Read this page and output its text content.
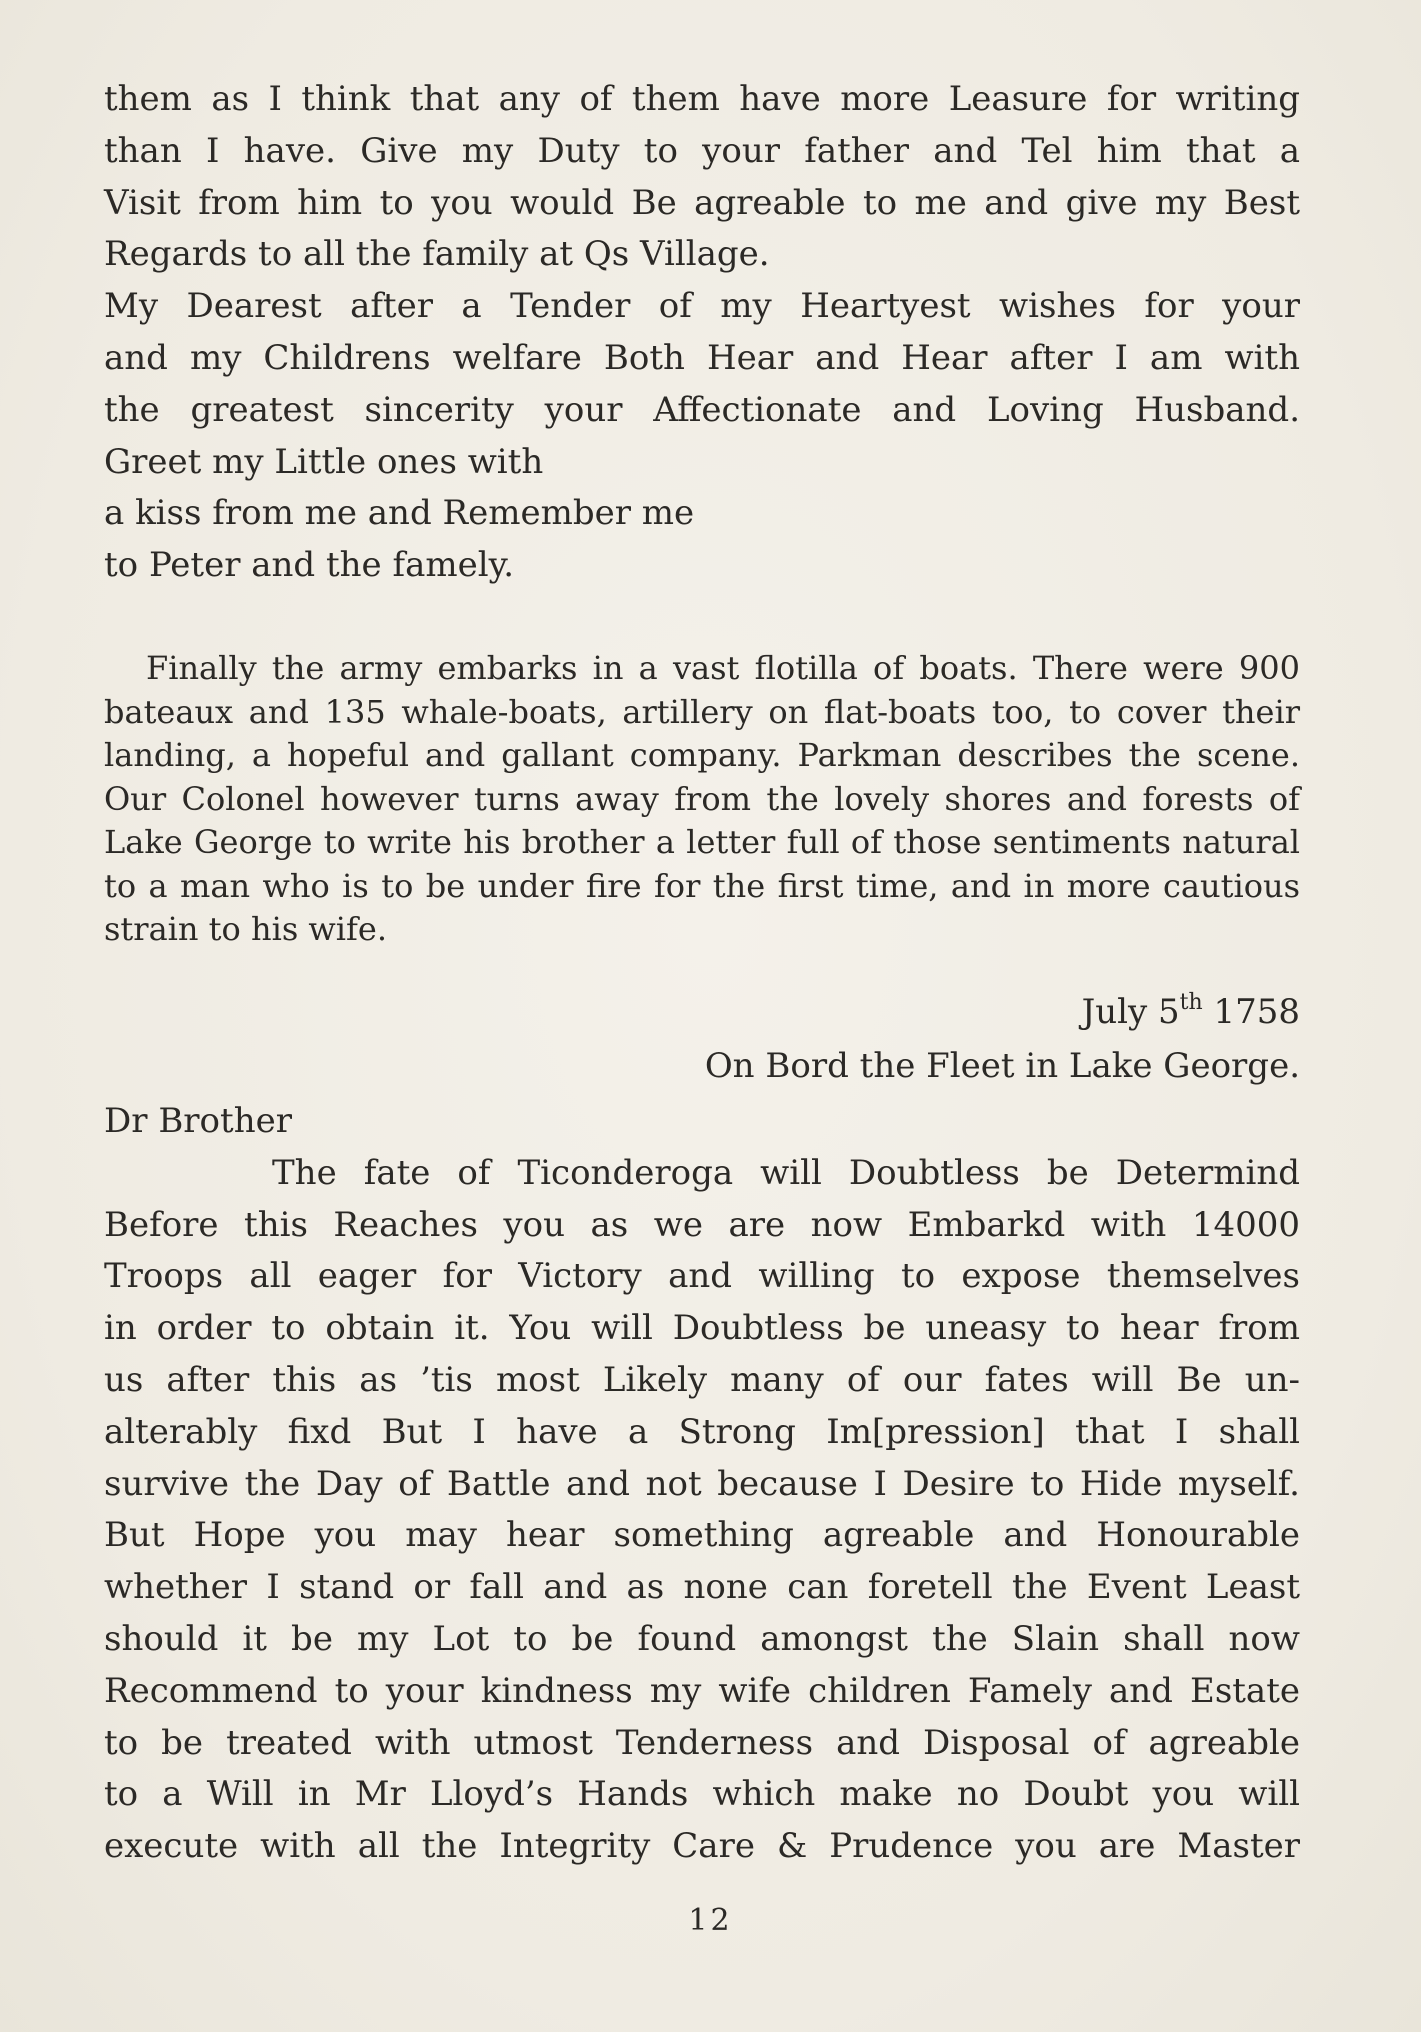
them as I think that any of them have more Leasure for writing

than I have. Give my Duty to your father and Tel him that a

Visit from him to you would Be agreable to me and give my Best

Regards to all the family at Qs Village.

My Dearest after a Tender of my Heartyest wishes for your

and my Childrens welfare Both Hear and Hear after I am with

the greatest sincerity your Affectionate and Loving Husband.

Greet my Little ones with

a kiss from me and Remember me

to Peter and the famely.

Finally the army embarks in a vast flotilla of boats. There were 900 bateaux and 135 whale-boats, artillery on flat-boats too, to cover their landing, a hopeful and gallant company. Parkman describes the scene. Our Colonel however turns away from the lovely shores and forests of Lake George to write his brother a letter full of those sentiments natural to a man who is to be under fire for the first time, and in more cautious strain to his wife.

July 5th 1758
On Bord the Fleet in Lake George.

Dr Brother

The fate of Ticonderoga will Doubtless be Determind

Before this Reaches you as we are now Embarkd with 14000

Troops all eager for Victory and willing to expose themselves

in order to obtain it. You will Doubtless be uneasy to hear from

us after this as ’tis most Likely many of our fates will Be un-

alterably fixd But I have a Strong Im[pression] that I shall

survive the Day of Battle and not because I Desire to Hide myself.

But Hope you may hear something agreable and Honourable

whether I stand or fall and as none can foretell the Event Least

should it be my Lot to be found amongst the Slain shall now

Recommend to your kindness my wife children Famely and Estate

to be treated with utmost Tenderness and Disposal of agreable

to a Will in Mr Lloyd’s Hands which make no Doubt you will

execute with all the Integrity Care & Prudence you are Master

12
